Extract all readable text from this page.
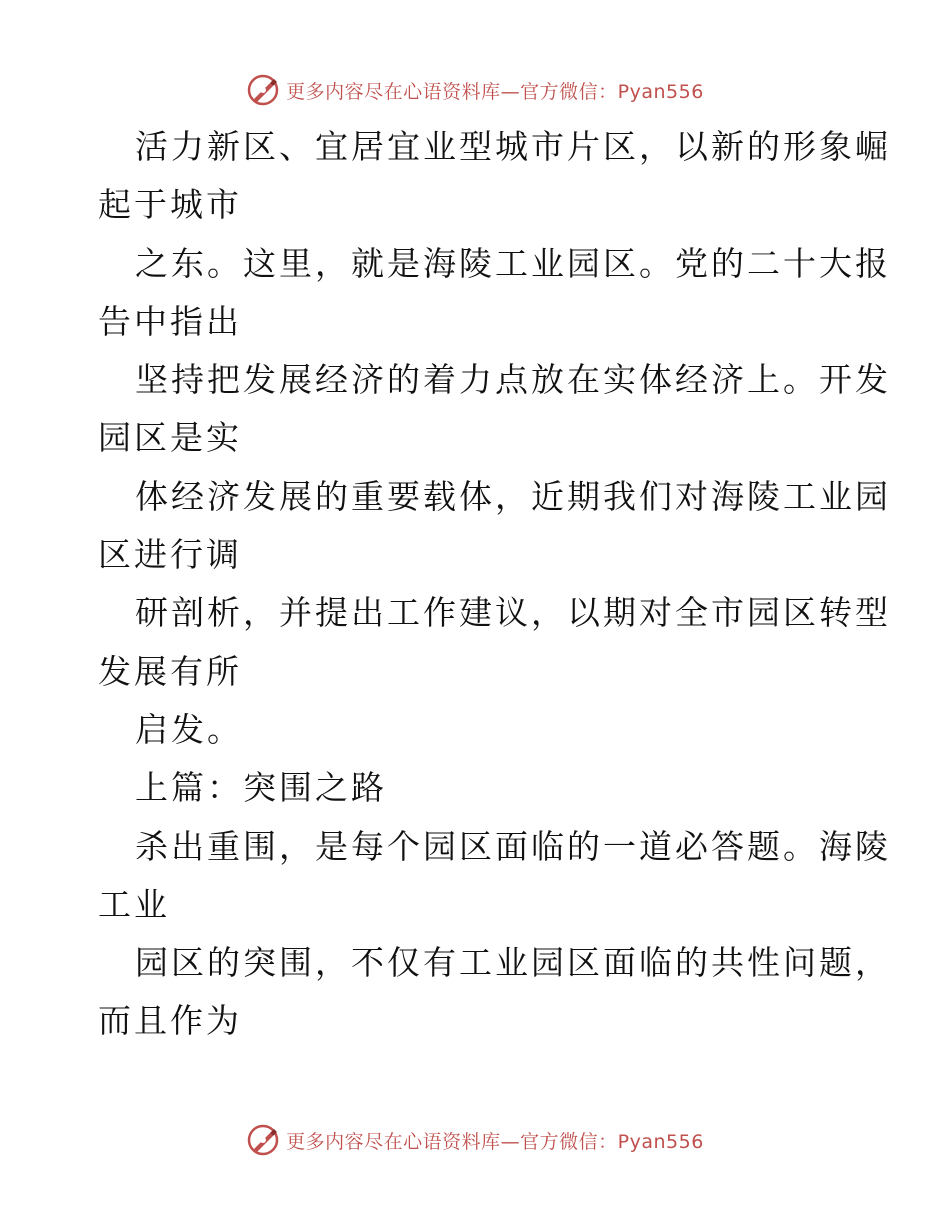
更多内容尽在心语资料库—官方微信：Pyan556
活力新区、宜居宜业型城市片区，以新的形象崛
起于城市
之东。这里，就是海陵工业园区。党的二十大报
告中指出
坚持把发展经济的着力点放在实体经济上。开发
园区是实
体经济发展的重要载体，近期我们对海陵工业园
区进行调
研剖析，并提出工作建议，以期对全市园区转型
发展有所
启发。
上篇：突围之路
杀出重围，是每个园区面临的一道必答题。海陵
工业
园区的突围，不仅有工业园区面临的共性问题，
而且作为
更多内容尽在心语资料库—官方微信：Pyan556
